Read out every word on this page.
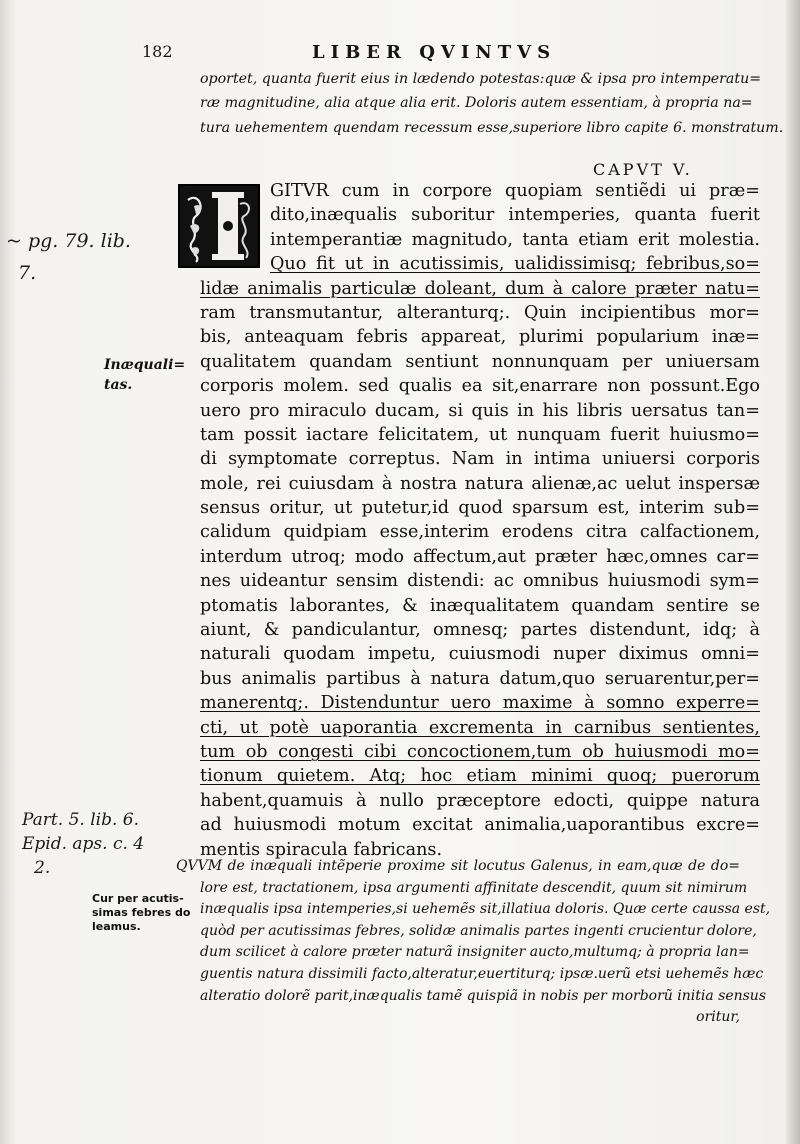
182	LIBER QVINTVS
oportet, quanta fuerit eius in lædendo potestas:quæ & ipsa pro intemperatu=
ræ magnitudine, alia atque alia erit. Doloris autem essentiam, à propria na=
tura uehementem quendam recessum esse,superiore libro capite 6. monstratum.
CAPVT V.
GITVR cum in corpore quopiam sentiẽdi ui præ=
dito,inæqualis suboritur intemperies, quanta fuerit
intemperantiæ magnitudo, tanta etiam erit molestia.
Quo fit ut in acutissimis, ualidissimisq; febribus,so=
lidæ animalis particulæ doleant, dum à calore præter natu=
ram transmutantur, alteranturq;. Quin incipientibus mor=
bis, anteaquam febris appareat, plurimi popularium inæ=
qualitatem quandam sentiunt nonnunquam per uniuersam
corporis molem. sed qualis ea sit,enarrare non possunt.Ego
uero pro miraculo ducam, si quis in his libris uersatus tan=
tam possit iactare felicitatem, ut nunquam fuerit huiusmo=
di symptomate correptus. Nam in intima uniuersi corporis
mole, rei cuiusdam à nostra natura alienæ,ac uelut inspersæ
sensus oritur, ut putetur,id quod sparsum est, interim sub=
calidum quidpiam esse,interim erodens citra calfactionem,
interdum utroq; modo affectum,aut præter hæc,omnes car=
nes uideantur sensim distendi: ac omnibus huiusmodi sym=
ptomatis laborantes, & inæqualitatem quandam sentire se
aiunt, & pandiculantur, omnesq; partes distendunt, idq; à
naturali quodam impetu, cuiusmodi nuper diximus omni=
bus animalis partibus à natura datum,quo seruarentur,per=
manerentq;. Distenduntur uero maxime à somno experre=
cti, ut potè uaporantia excrementa in carnibus sentientes,
tum ob congesti cibi concoctionem,tum ob huiusmodi mo=
tionum quietem. Atq; hoc etiam minimi quoq; puerorum
habent,quamuis à nullo præceptore edocti, quippe natura
ad huiusmodi motum excitat animalia,uaporantibus excre=
mentis spiracula fabricans.
~ pg. 79. lib.
7.
Inæquali=
tas.
Part. 5. lib. 6.
Epid. aps. c. 4
2.
Cur per acutis-
simas febres do
leamus.
QVVM de inæquali intẽperie proxime sit locutus Galenus, in eam,quæ de do=
lore est, tractationem, ipsa argumenti affinitate descendit, quum sit nimirum
inæqualis ipsa intemperies,si uehemẽs sit,illatiua doloris. Quæ certe caussa est,
quòd per acutissimas febres, solidæ animalis partes ingenti crucientur dolore,
dum scilicet à calore præter naturã insigniter aucto,multumq; à propria lan=
guentis natura dissimili facto,alteratur,euertiturq; ipsæ.uerũ etsi uehemẽs hæc
alteratio dolorẽ parit,inæqualis tamẽ quispiã in nobis per morborũ initia sensus
oritur,
